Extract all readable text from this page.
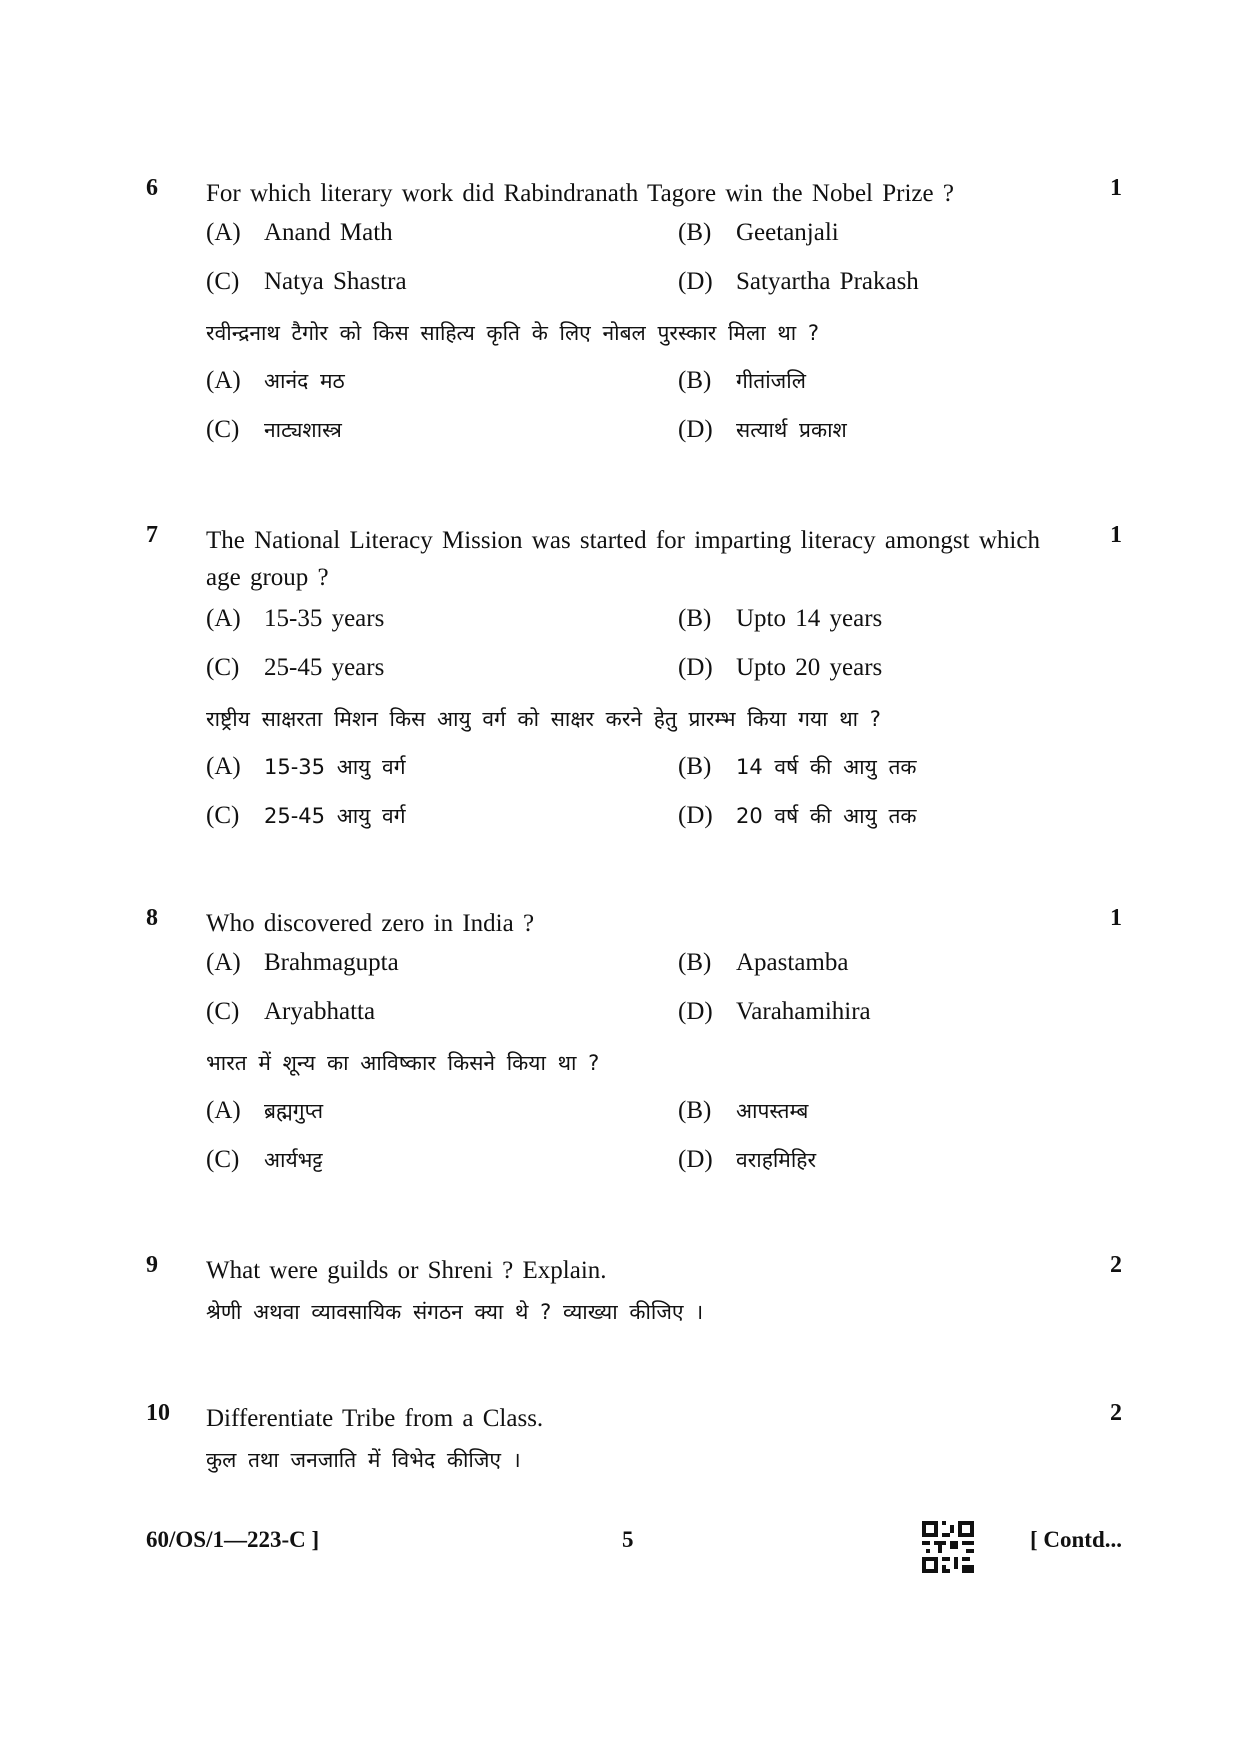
6 For which literary work did Rabindranath Tagore win the Nobel Prize ?	1
(A) Anand Math	(B) Geetanjali
(C) Natya Shastra	(D) Satyartha Prakash
रवीन्द्रनाथ टैगोर को किस साहित्य कृति के लिए नोबल पुरस्कार मिला था ?
(A) आनंद मठ	(B) गीतांजलि
(C) नाट्यशास्त्र	(D) सत्यार्थ प्रकाश
7 The National Literacy Mission was started for imparting literacy amongst which age group ?
1
(A) 15-35 years	(B) Upto 14 years
(C) 25-45 years	(D) Upto 20 years
राष्ट्रीय साक्षरता मिशन किस आयु वर्ग को साक्षर करने हेतु प्रारम्भ किया गया था ?
(A) 15-35 आयु वर्ग	(B) 14 वर्ष की आयु तक
(C) 25-45 आयु वर्ग	(D) 20 वर्ष की आयु तक
8 Who discovered zero in India ?	1
(A) Brahmagupta	(B) Apastamba
(C) Aryabhatta	(D) Varahamihira
भारत में शून्य का आविष्कार किसने किया था ?
(A) ब्रह्मगुप्त	(B) आपस्तम्ब
(C) आर्यभट्ट	(D) वराहमिहिर
9 What were guilds or Shreni ? Explain.	2
श्रेणी अथवा व्यावसायिक संगठन क्या थे ? व्याख्या कीजिए ।
10 Differentiate Tribe from a Class.	2
कुल तथा जनजाति में विभेद कीजिए ।
60/OS/1—223-C ]	5	[ Contd...
